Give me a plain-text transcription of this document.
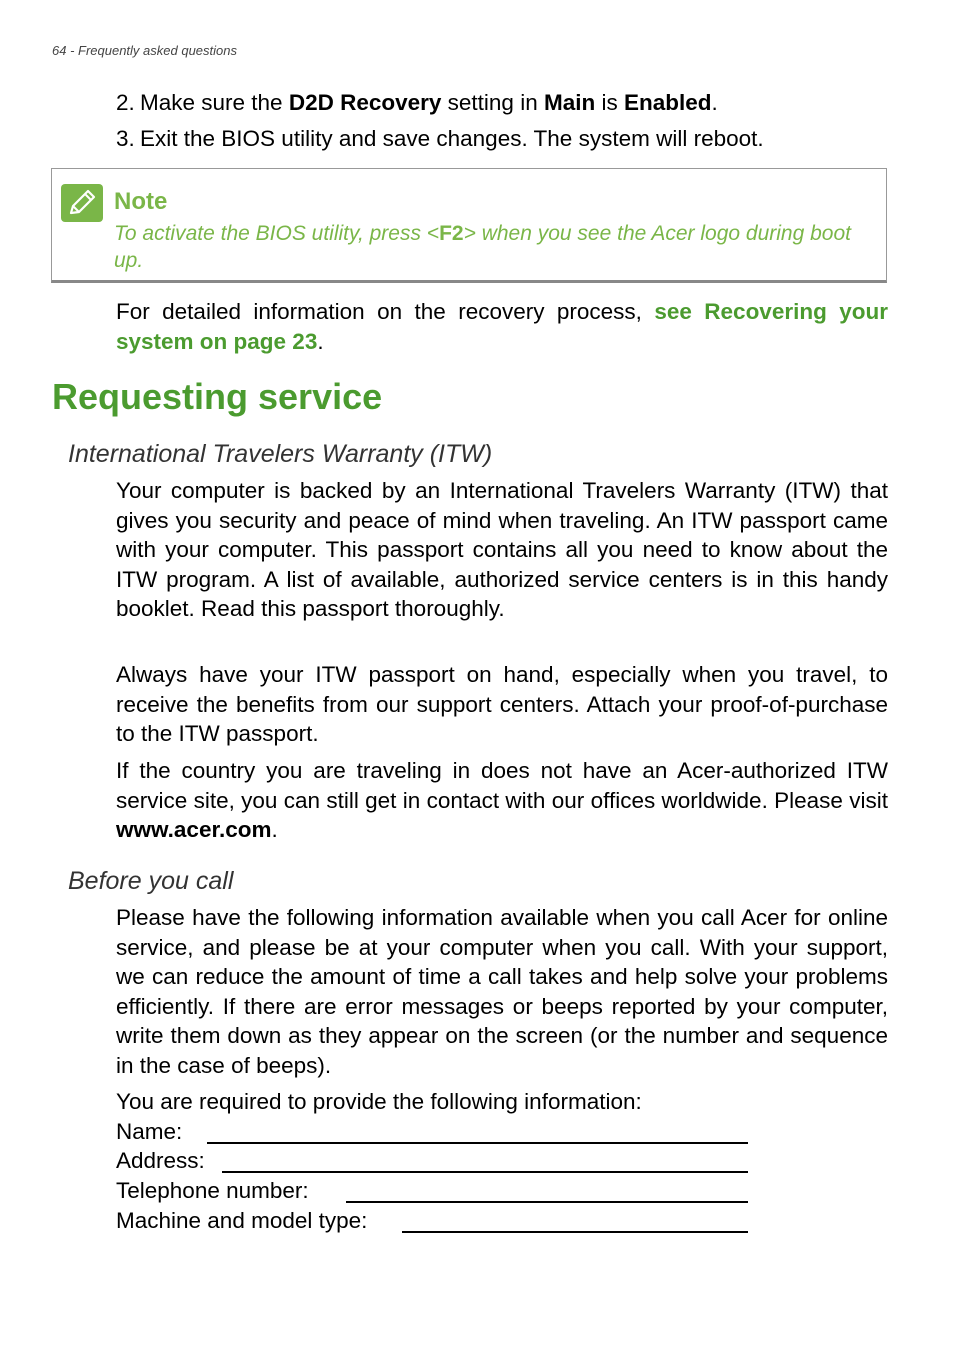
64 - Frequently asked questions
2. Make sure the D2D Recovery setting in Main is Enabled.
3. Exit the BIOS utility and save changes. The system will reboot.
Note
To activate the BIOS utility, press <F2> when you see the Acer logo during boot up.
For detailed information on the recovery process, see Recovering your system on page 23.
Requesting service
International Travelers Warranty (ITW)
Your computer is backed by an International Travelers Warranty (ITW) that gives you security and peace of mind when traveling. An ITW passport came with your computer. This passport contains all you need to know about the ITW program. A list of available, authorized service centers is in this handy booklet. Read this passport thoroughly.
Always have your ITW passport on hand, especially when you travel, to receive the benefits from our support centers. Attach your proof-of-purchase to the ITW passport.
If the country you are traveling in does not have an Acer-authorized ITW service site, you can still get in contact with our offices worldwide. Please visit www.acer.com.
Before you call
Please have the following information available when you call Acer for online service, and please be at your computer when you call. With your support, we can reduce the amount of time a call takes and help solve your problems efficiently. If there are error messages or beeps reported by your computer, write them down as they appear on the screen (or the number and sequence in the case of beeps).
You are required to provide the following information:
Name:
Address:
Telephone number:
Machine and model type:
